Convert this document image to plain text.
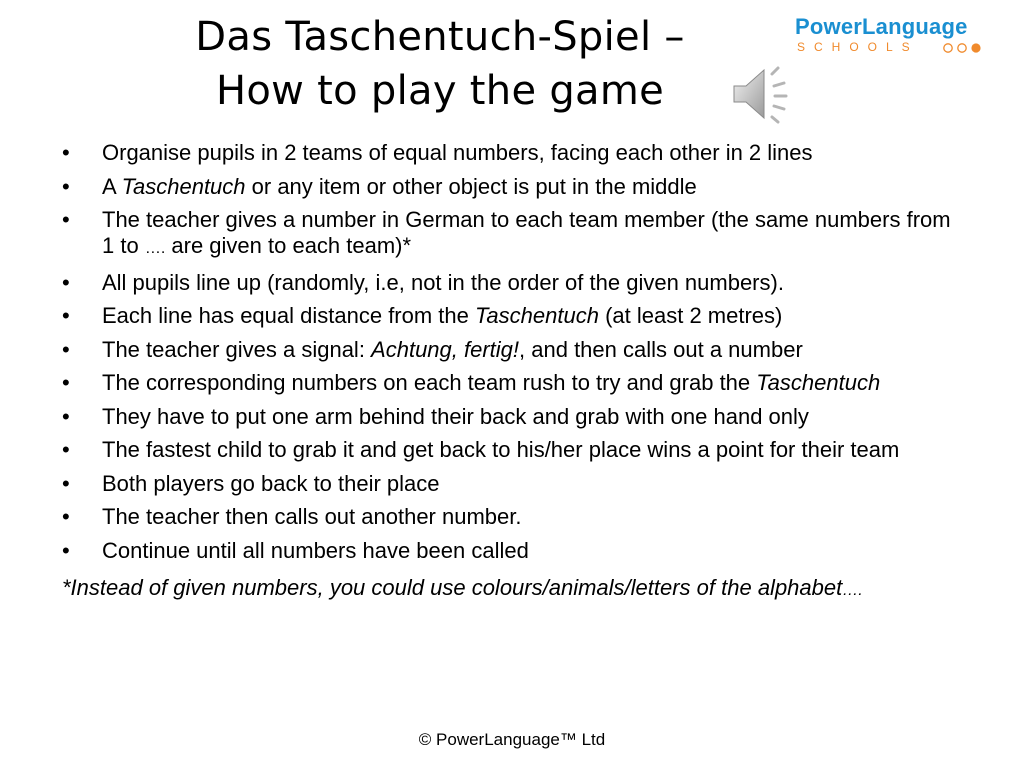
Das Taschentuch-Spiel –
How to play the game
PowerLanguage
SCHOOLS
•	Organise pupils in 2 teams of equal numbers, facing each other in 2 lines
•	A Taschentuch or any item or other object is put in the middle
•	The teacher gives a number in German to each team member (the same numbers from 1 to …. are given to each team)*
•	All pupils line up (randomly, i.e, not in the order of the given numbers).
•	Each line has equal distance from the Taschentuch (at least 2 metres)
•	The teacher gives a signal: Achtung, fertig!, and then calls out a number
•	The corresponding numbers on each team rush to try and grab the Taschentuch
•	They have to put one arm behind their back and grab with one hand only
•	The fastest child to grab it and get back to his/her place wins a point for their team
•	Both players go back to their place
•	The teacher then calls out another number.
•	Continue until all numbers have been called
*Instead of given numbers, you could use colours/animals/letters of the alphabet….
© PowerLanguage™ Ltd
